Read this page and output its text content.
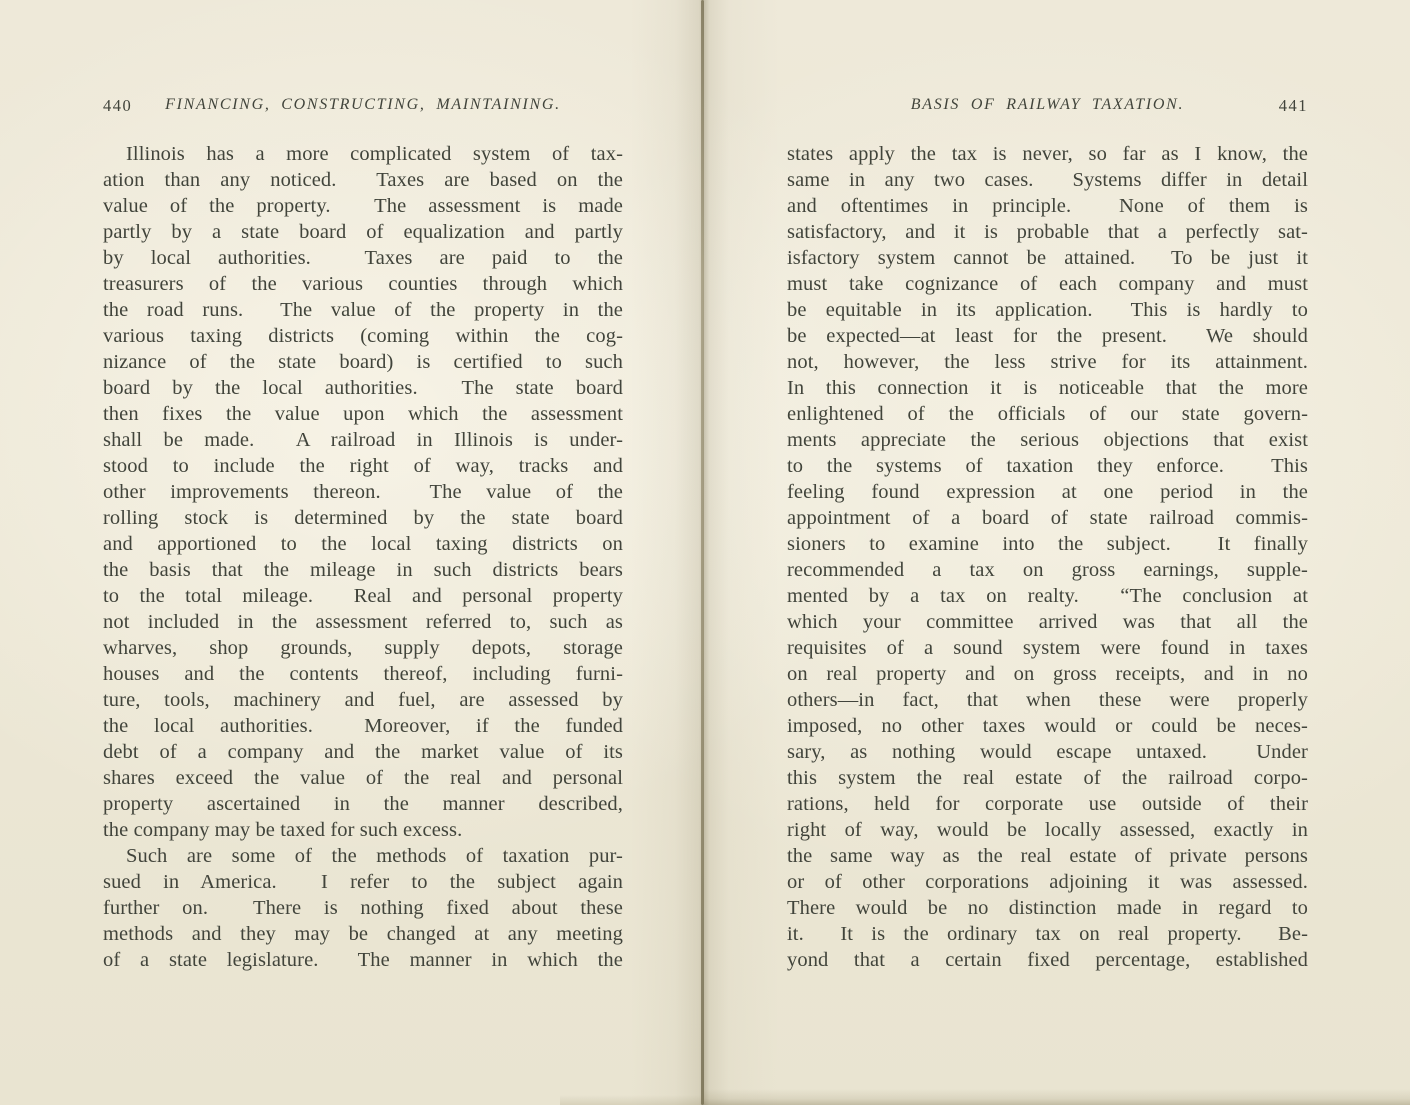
440	FINANCING, CONSTRUCTING, MAINTAINING.
Illinois has a more complicated system of tax-
ation than any noticed.  Taxes are based on the
value of the property.  The assessment is made
partly by a state board of equalization and partly
by local authorities.  Taxes are paid to the
treasurers of the various counties through which
the road runs.  The value of the property in the
various taxing districts (coming within the cog-
nizance of the state board) is certified to such
board by the local authorities.  The state board
then fixes the value upon which the assessment
shall be made.  A railroad in Illinois is under-
stood to include the right of way, tracks and
other improvements thereon.  The value of the
rolling stock is determined by the state board
and apportioned to the local taxing districts on
the basis that the mileage in such districts bears
to the total mileage.  Real and personal property
not included in the assessment referred to, such as
wharves, shop grounds, supply depots, storage
houses and the contents thereof, including furni-
ture, tools, machinery and fuel, are assessed by
the local authorities.  Moreover, if the funded
debt of a company and the market value of its
shares exceed the value of the real and personal
property ascertained in the manner described,
the company may be taxed for such excess.
Such are some of the methods of taxation pur-
sued in America.  I refer to the subject again
further on.  There is nothing fixed about these
methods and they may be changed at any meeting
of a state legislature.  The manner in which the
BASIS OF RAILWAY TAXATION.	441
states apply the tax is never, so far as I know, the
same in any two cases.  Systems differ in detail
and oftentimes in principle.  None of them is
satisfactory, and it is probable that a perfectly sat-
isfactory system cannot be attained.  To be just it
must take cognizance of each company and must
be equitable in its application.  This is hardly to
be expected—at least for the present.  We should
not, however, the less strive for its attainment.
In this connection it is noticeable that the more
enlightened of the officials of our state govern-
ments appreciate the serious objections that exist
to the systems of taxation they enforce.  This
feeling found expression at one period in the
appointment of a board of state railroad commis-
sioners to examine into the subject.  It finally
recommended a tax on gross earnings, supple-
mented by a tax on realty.  “The conclusion at
which your committee arrived was that all the
requisites of a sound system were found in taxes
on real property and on gross receipts, and in no
others—in fact, that when these were properly
imposed, no other taxes would or could be neces-
sary, as nothing would escape untaxed.  Under
this system the real estate of the railroad corpo-
rations, held for corporate use outside of their
right of way, would be locally assessed, exactly in
the same way as the real estate of private persons
or of other corporations adjoining it was assessed.
There would be no distinction made in regard to
it.  It is the ordinary tax on real property.  Be-
yond that a certain fixed percentage, established
